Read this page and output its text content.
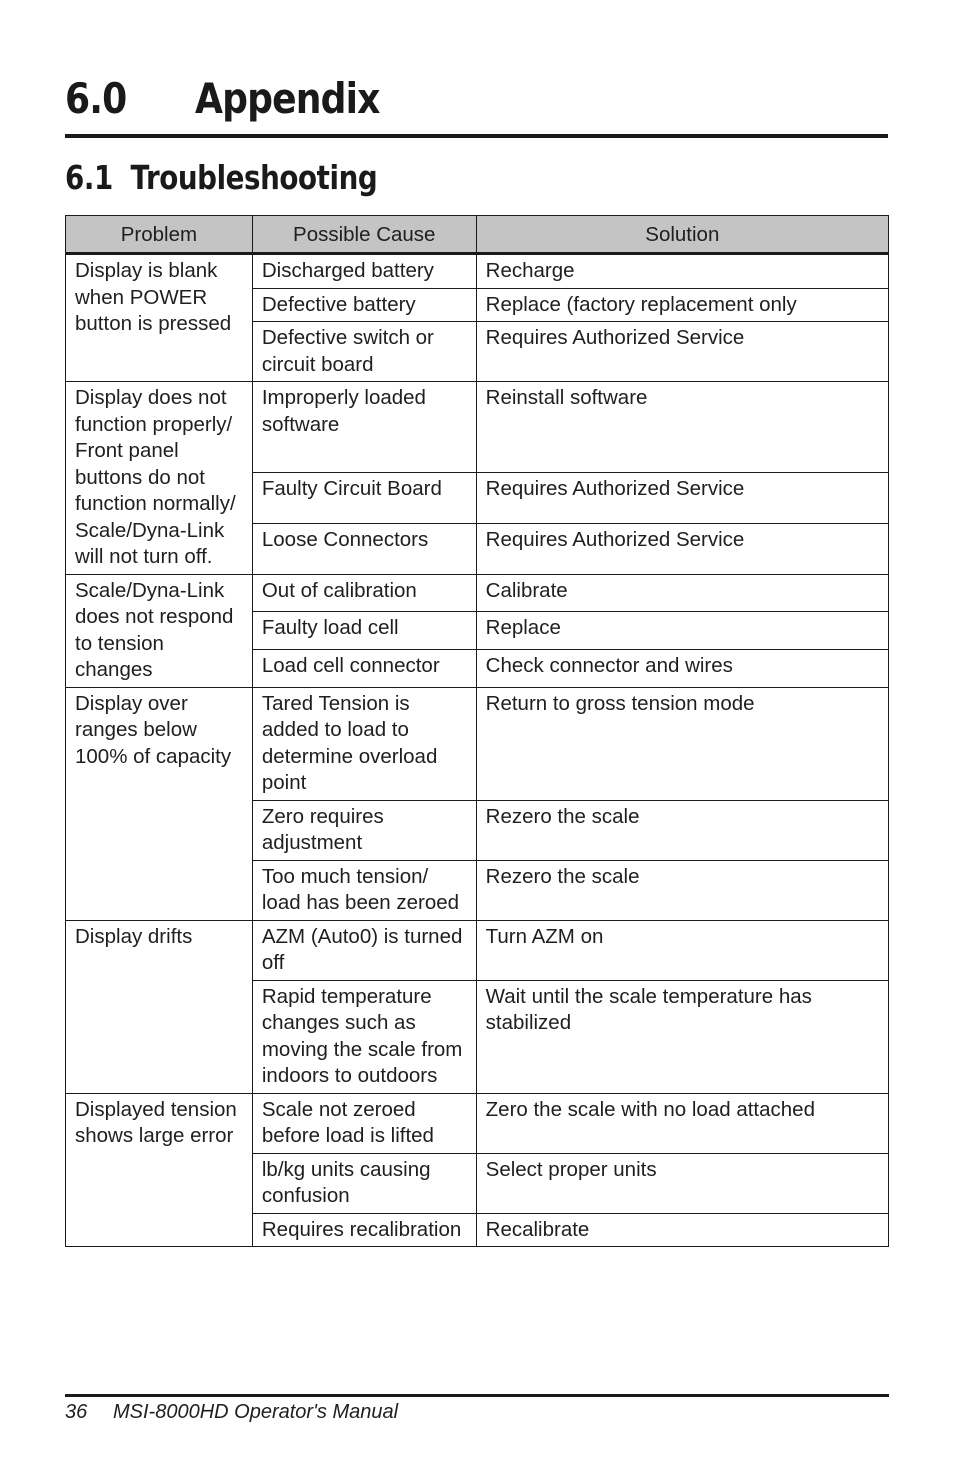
6.0 Appendix
6.1 Troubleshooting
Problem	Possible Cause	Solution
Display is blank when POWER button is pressed	Discharged battery	Recharge
	Defective battery	Replace (factory replacement only
	Defective switch or circuit board	Requires Authorized Service
Display does not function properly/ Front panel buttons do not function normally/ Scale/Dyna-Link will not turn off.	Improperly loaded software	Reinstall software
	Faulty Circuit Board	Requires Authorized Service
	Loose Connectors	Requires Authorized Service
Scale/Dyna-Link does not respond to tension changes	Out of calibration	Calibrate
	Faulty load cell	Replace
	Load cell connector	Check connector and wires
Display over ranges below 100% of capacity	Tared Tension is added to load to determine overload point	Return to gross tension mode
	Zero requires adjustment	Rezero the scale
	Too much tension/ load has been zeroed	Rezero the scale
Display drifts	AZM (Auto0) is turned off	Turn AZM on
	Rapid temperature changes such as moving the scale from indoors to outdoors	Wait until the scale temperature has stabilized
Displayed tension shows large error	Scale not zeroed before load is lifted	Zero the scale with no load attached
	lb/kg units causing confusion	Select proper units
	Requires recalibration	Recalibrate
36 MSI-8000HD Operator's Manual
